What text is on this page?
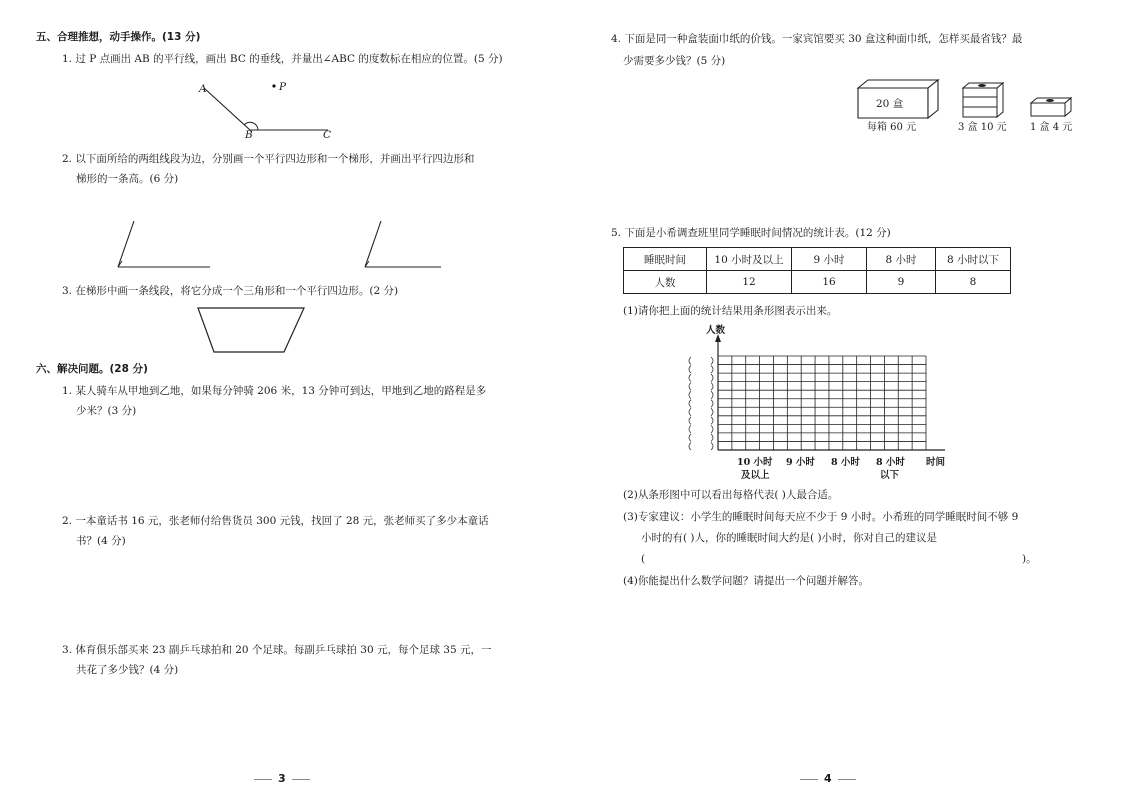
五、合理推想，动手操作。(13 分)
1. 过 P 点画出 AB 的平行线，画出 BC 的垂线，并量出∠ABC 的度数标在相应的位置。(5 分)
A	P
B	C
2. 以下面所给的两组线段为边，分别画一个平行四边形和一个梯形，并画出平行四边形和
梯形的一条高。(6 分)
3. 在梯形中画一条线段，将它分成一个三角形和一个平行四边形。(2 分)
六、解决问题。(28 分)
1. 某人骑车从甲地到乙地，如果每分钟骑 206 米，13 分钟可到达，甲地到乙地的路程是多
少米？(3 分)
2. 一本童话书 16 元，张老师付给售货员 300 元钱，找回了 28 元，张老师买了多少本童话
书？(4 分)
3. 体育俱乐部买来 23 副乒乓球拍和 20 个足球。每副乒乓球拍 30 元，每个足球 35 元，一
共花了多少钱？(4 分)
3
4. 下面是同一种盒装面巾纸的价钱。一家宾馆要买 30 盒这种面巾纸，怎样买最省钱？最
少需要多少钱？(5 分)
20 盒
每箱 60 元	3 盒 10 元 1 盒 4 元
5. 下面是小希调查班里同学睡眠时间情况的统计表。(12 分)
睡眠时间	10 小时及以上	9 小时	8 小时	8 小时以下
人数	12	16	9	8
(1)请你把上面的统计结果用条形图表示出来。
人数
10 小时
及以上
9 小时 8 小时 8 小时
以下
时间
(2)从条形图中可以看出每格代表( )人最合适。
(3)专家建议：小学生的睡眠时间每天应不少于 9 小时。小希班的同学睡眠时间不够 9
小时的有( )人，你的睡眠时间大约是( )小时，你对自己的建议是
(	)。
(4)你能提出什么数学问题？请提出一个问题并解答。
4
